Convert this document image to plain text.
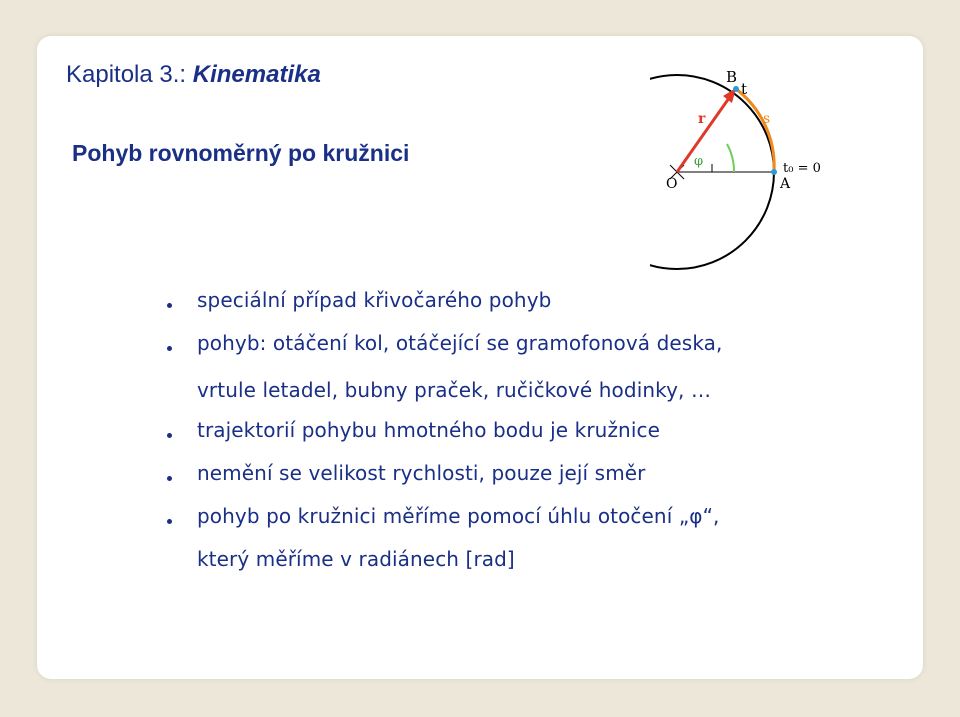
Kapitola 3.: Kinematika
Pohyb rovnoměrný po kružnici
speciální případ křivočarého pohyb
pohyb: otáčení kol, otáčející se gramofonová deska,
vrtule letadel, bubny praček, ručičkové hodinky, …
trajektorií pohybu hmotného bodu je kružnice
nemění se velikost rychlosti, pouze její směr
pohyb po kružnici měříme pomocí úhlu otočení „φ“,
který měříme v radiánech [rad]
B
t
r	s
φ
O	A
t₀ = 0
